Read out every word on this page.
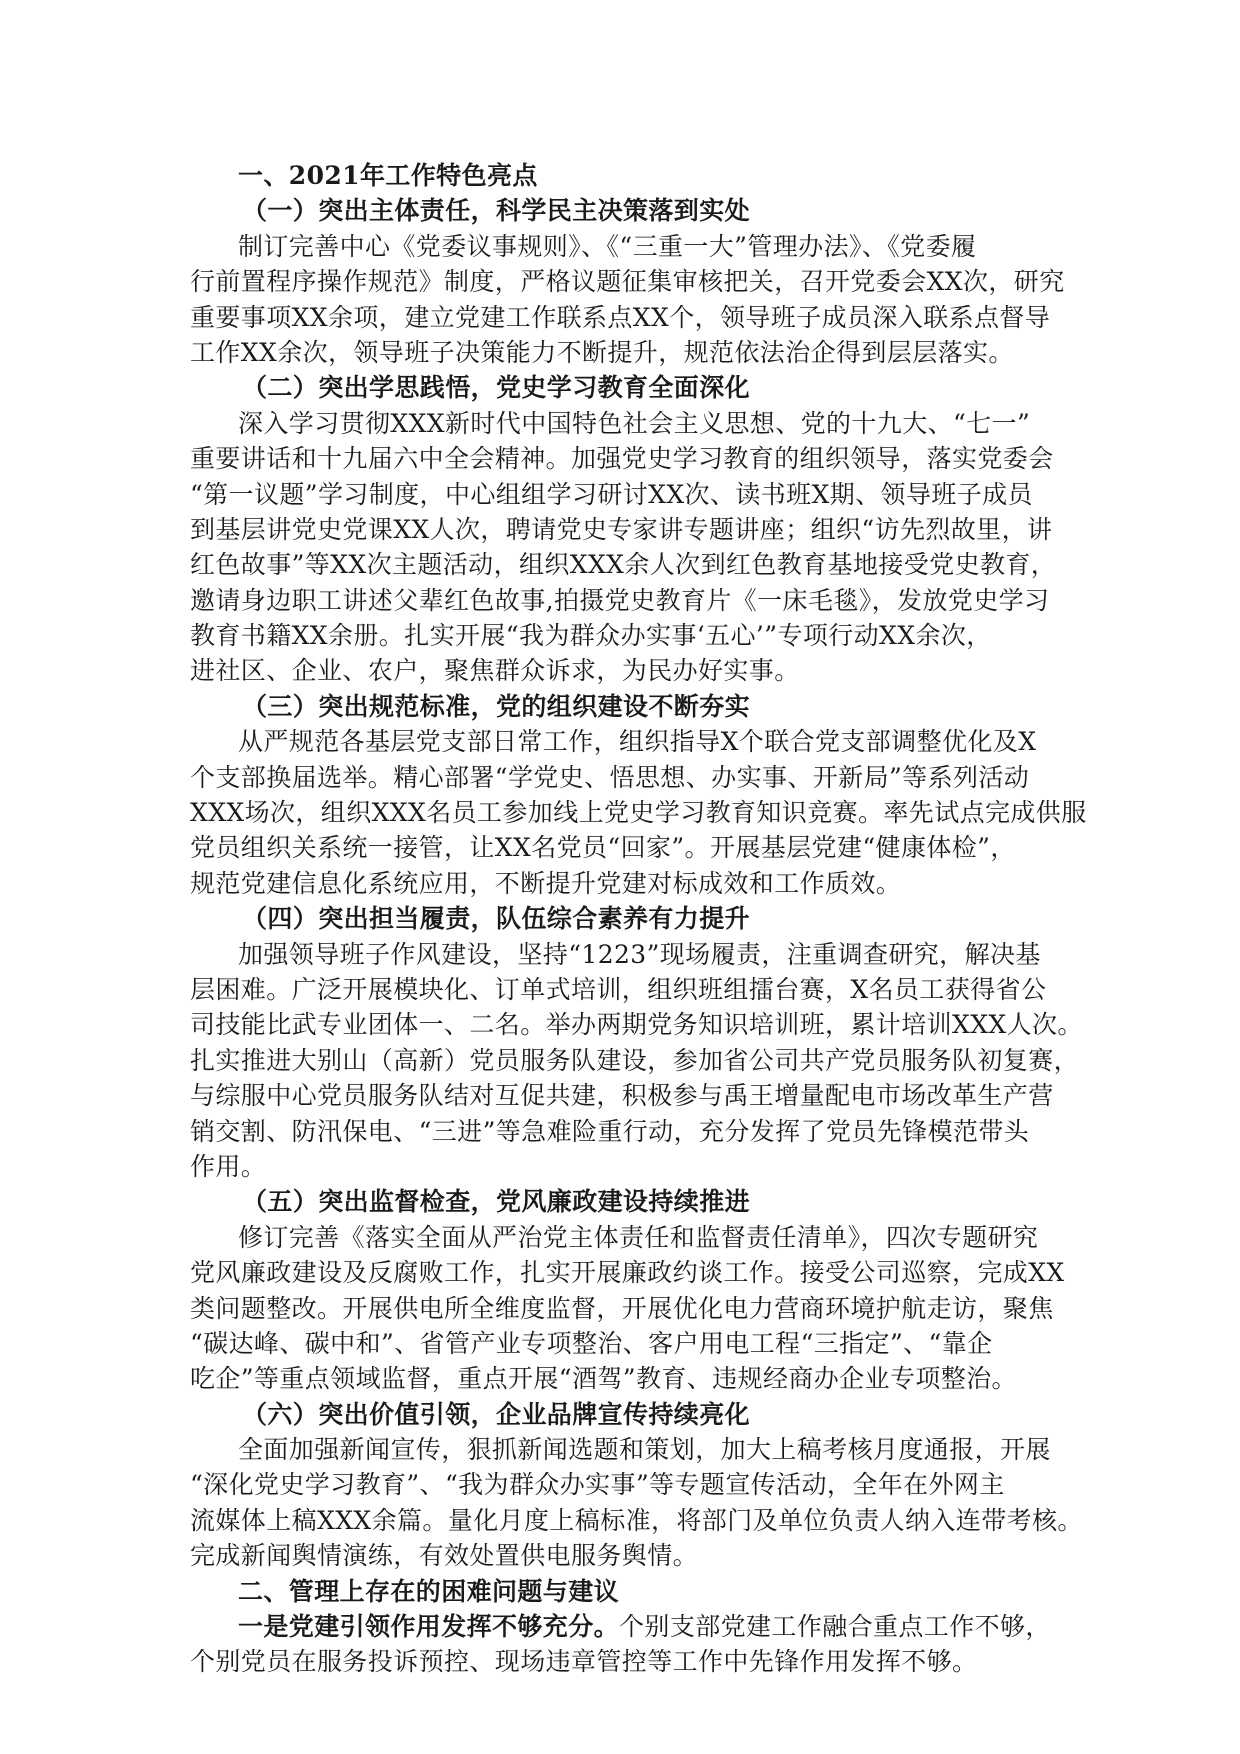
一、2021年工作特色亮点
（一）突出主体责任，科学民主决策落到实处
制订完善中心《党委议事规则》、《“三重一大”管理办法》、《党委履
行前置程序操作规范》制度，严格议题征集审核把关，召开党委会XX次，研究
重要事项XX余项，建立党建工作联系点XX个，领导班子成员深入联系点督导
工作XX余次，领导班子决策能力不断提升，规范依法治企得到层层落实。
（二）突出学思践悟，党史学习教育全面深化
深入学习贯彻XXX新时代中国特色社会主义思想、党的十九大、“七一”
重要讲话和十九届六中全会精神。加强党史学习教育的组织领导，落实党委会
“第一议题”学习制度，中心组组学习研讨XX次、读书班X期、领导班子成员
到基层讲党史党课XX人次，聘请党史专家讲专题讲座；组织“访先烈故里，讲
红色故事”等XX次主题活动，组织XXX余人次到红色教育基地接受党史教育，
邀请身边职工讲述父辈红色故事,拍摄党史教育片《一床毛毯》，发放党史学习
教育书籍XX余册。扎实开展“我为群众办实事‘五心’”专项行动XX余次，
进社区、企业、农户，聚焦群众诉求，为民办好实事。
（三）突出规范标准，党的组织建设不断夯实
从严规范各基层党支部日常工作，组织指导X个联合党支部调整优化及X
个支部换届选举。精心部署“学党史、悟思想、办实事、开新局”等系列活动
XXX场次，组织XXX名员工参加线上党史学习教育知识竞赛。率先试点完成供服
党员组织关系统一接管，让XX名党员“回家”。开展基层党建“健康体检”，
规范党建信息化系统应用，不断提升党建对标成效和工作质效。
（四）突出担当履责，队伍综合素养有力提升
加强领导班子作风建设，坚持“1223”现场履责，注重调查研究，解决基
层困难。广泛开展模块化、订单式培训，组织班组擂台赛，X名员工获得省公
司技能比武专业团体一、二名。举办两期党务知识培训班，累计培训XXX人次。
扎实推进大别山（高新）党员服务队建设，参加省公司共产党员服务队初复赛，
与综服中心党员服务队结对互促共建，积极参与禹王增量配电市场改革生产营
销交割、防汛保电、“三进”等急难险重行动，充分发挥了党员先锋模范带头
作用。
（五）突出监督检查，党风廉政建设持续推进
修订完善《落实全面从严治党主体责任和监督责任清单》，四次专题研究
党风廉政建设及反腐败工作，扎实开展廉政约谈工作。接受公司巡察，完成XX
类问题整改。开展供电所全维度监督，开展优化电力营商环境护航走访，聚焦
“碳达峰、碳中和”、省管产业专项整治、客户用电工程“三指定”、“靠企
吃企”等重点领域监督，重点开展“酒驾”教育、违规经商办企业专项整治。
（六）突出价值引领，企业品牌宣传持续亮化
全面加强新闻宣传，狠抓新闻选题和策划，加大上稿考核月度通报，开展
“深化党史学习教育”、“我为群众办实事”等专题宣传活动，全年在外网主
流媒体上稿XXX余篇。量化月度上稿标准，将部门及单位负责人纳入连带考核。
完成新闻舆情演练，有效处置供电服务舆情。
二、管理上存在的困难问题与建议
一是党建引领作用发挥不够充分。个别支部党建工作融合重点工作不够，
个别党员在服务投诉预控、现场违章管控等工作中先锋作用发挥不够。
